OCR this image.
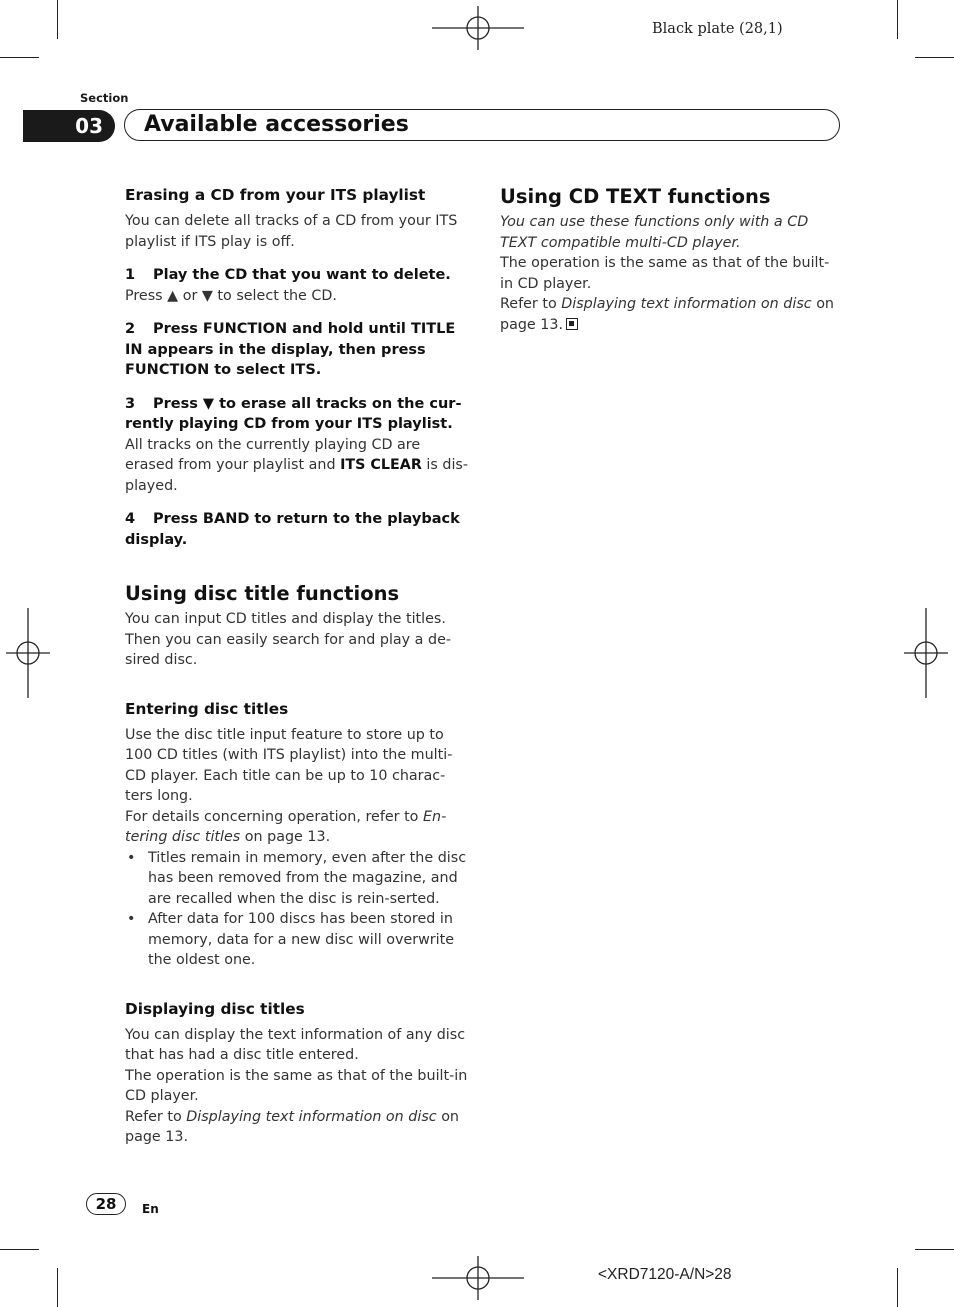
Black plate (28,1)
Section
03	Available accessories
Erasing a CD from your ITS playlist

You can delete all tracks of a CD from your ITS playlist if ITS play is off.

1 Play the CD that you want to delete.

Press ▲ or ▼ to select the CD.

2 Press FUNCTION and hold until TITLE IN appears in the display, then press FUNCTION to select ITS.

3 Press ▼ to erase all tracks on the cur-
rently playing CD from your ITS playlist.

All tracks on the currently playing CD are erased from your playlist and ITS CLEAR is dis-played.

4 Press BAND to return to the playback display.

Using disc title functions

You can input CD titles and display the titles. Then you can easily search for and play a de-sired disc.

Entering disc titles

Use the disc title input feature to store up to 100 CD titles (with ITS playlist) into the multi-CD player. Each title can be up to 10 charac-ters long.

For details concerning operation, refer to En-tering disc titles on page 13.

• Titles remain in memory, even after the disc has been removed from the magazine, and are recalled when the disc is rein-serted.

• After data for 100 discs has been stored in memory, data for a new disc will overwrite the oldest one.

Displaying disc titles

You can display the text information of any disc that has had a disc title entered.

The operation is the same as that of the built-in CD player.

Refer to Displaying text information on disc on page 13.

Using CD TEXT functions

You can use these functions only with a CD TEXT compatible multi-CD player.

The operation is the same as that of the built-in CD player.

Refer to Displaying text information on disc on page 13.

28	En
<XRD7120-A/N>28
